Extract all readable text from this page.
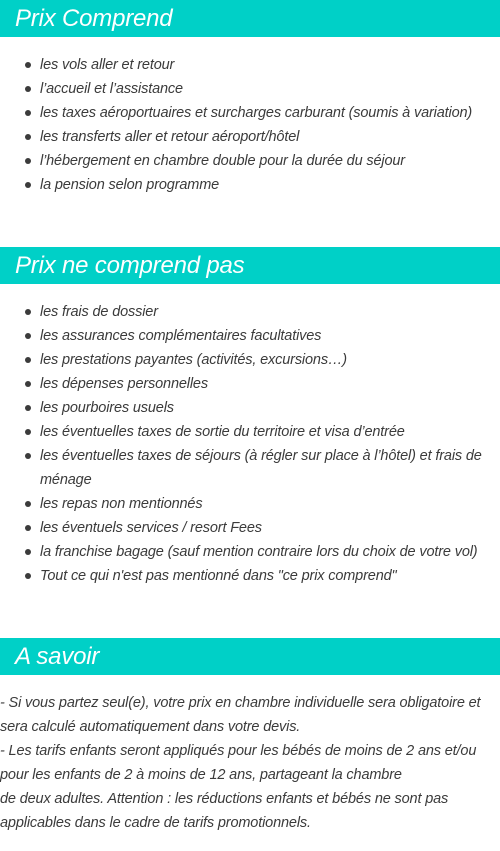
Prix Comprend
les vols aller et retour
l’accueil et l’assistance
les taxes aéroportuaires et surcharges carburant (soumis à variation)
les transferts aller et retour aéroport/hôtel
l’hébergement en chambre double pour la durée du séjour
la pension selon programme
Prix ne comprend pas
les frais de dossier
les assurances complémentaires facultatives
les prestations payantes (activités, excursions…)
les dépenses personnelles
les pourboires usuels
les éventuelles taxes de sortie du territoire et visa d’entrée
les éventuelles taxes de séjours (à régler sur place à l’hôtel) et frais de ménage
les repas non mentionnés
les éventuels services / resort Fees
la franchise bagage (sauf mention contraire lors du choix de votre vol)
Tout ce qui n'est pas mentionné dans "ce prix comprend"
A savoir

- Si vous partez seul(e), votre prix en chambre individuelle sera obligatoire et sera calculé automatiquement dans votre devis.

- Les tarifs enfants seront appliqués pour les bébés de moins de 2 ans et/ou pour les enfants de 2 à moins de 12 ans, partageant la chambre

de deux adultes. Attention : les réductions enfants et bébés ne sont pas applicables dans le cadre de tarifs promotionnels.
